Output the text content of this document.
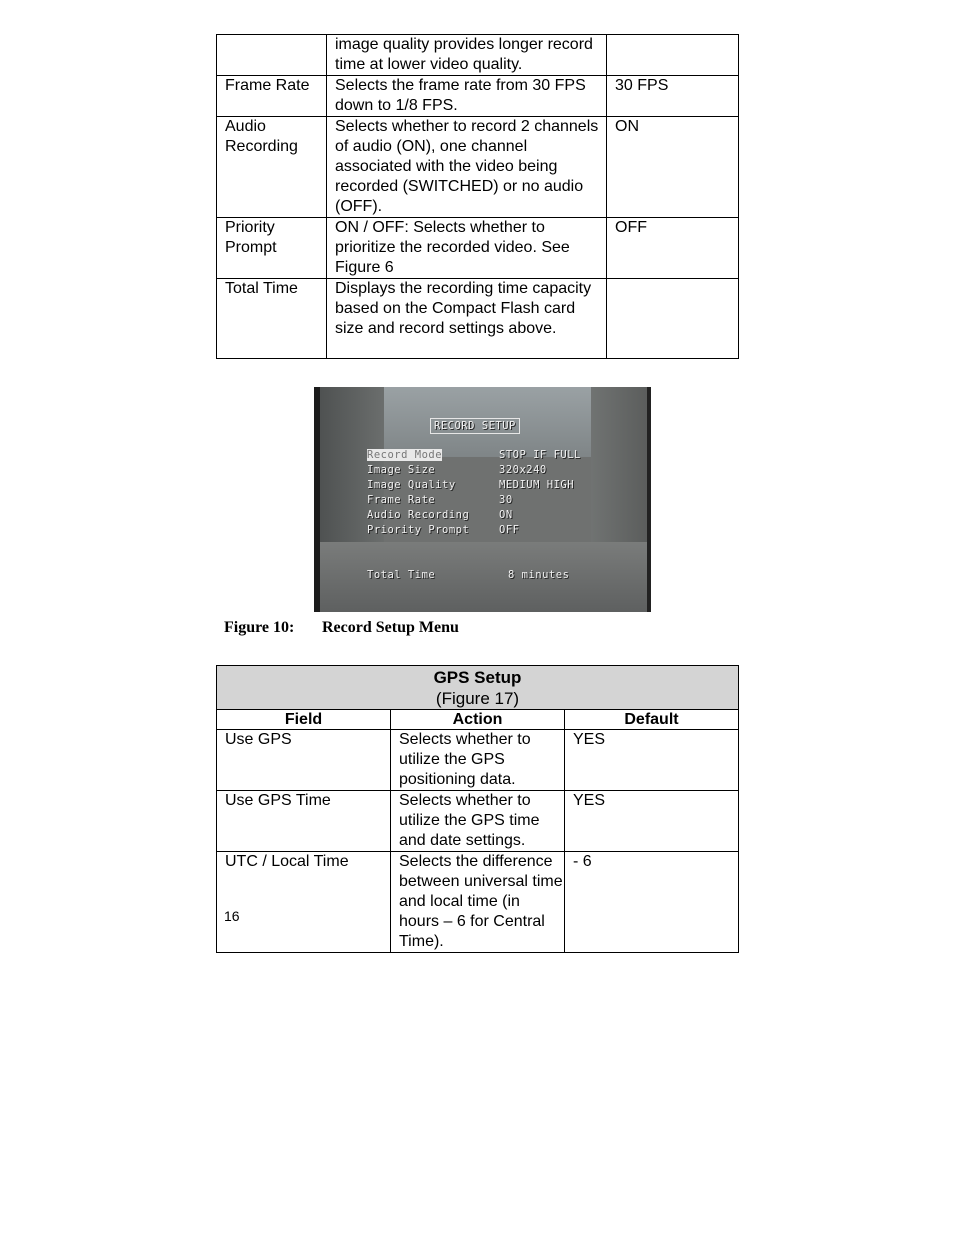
	image quality provides longer record time at lower video quality.	
Frame Rate	Selects the frame rate from 30 FPS down to 1/8 FPS.	30 FPS
Audio Recording	Selects whether to record 2 channels of audio (ON), one channel associated with the video being recorded (SWITCHED) or no audio (OFF).	ON
Priority Prompt	ON / OFF: Selects whether to prioritize the recorded video. See Figure 6	OFF
Total Time	Displays the recording time capacity based on the Compact Flash card size and record settings above.	
RECORD SETUP
Record Mode	STOP IF FULL
Image Size	320x240
Image Quality	MEDIUM HIGH
Frame Rate	30
Audio Recording	ON
Priority Prompt	OFF
Total Time	8 minutes
Figure 10: Record Setup Menu
GPS Setup
(Figure 17)		
Field	Action	Default
Use GPS	Selects whether to utilize the GPS positioning data.	YES
Use GPS Time	Selects whether to utilize the GPS time and date settings.	YES
UTC / Local Time	Selects the difference between universal time and local time (in hours – 6 for Central Time).	- 6
16
